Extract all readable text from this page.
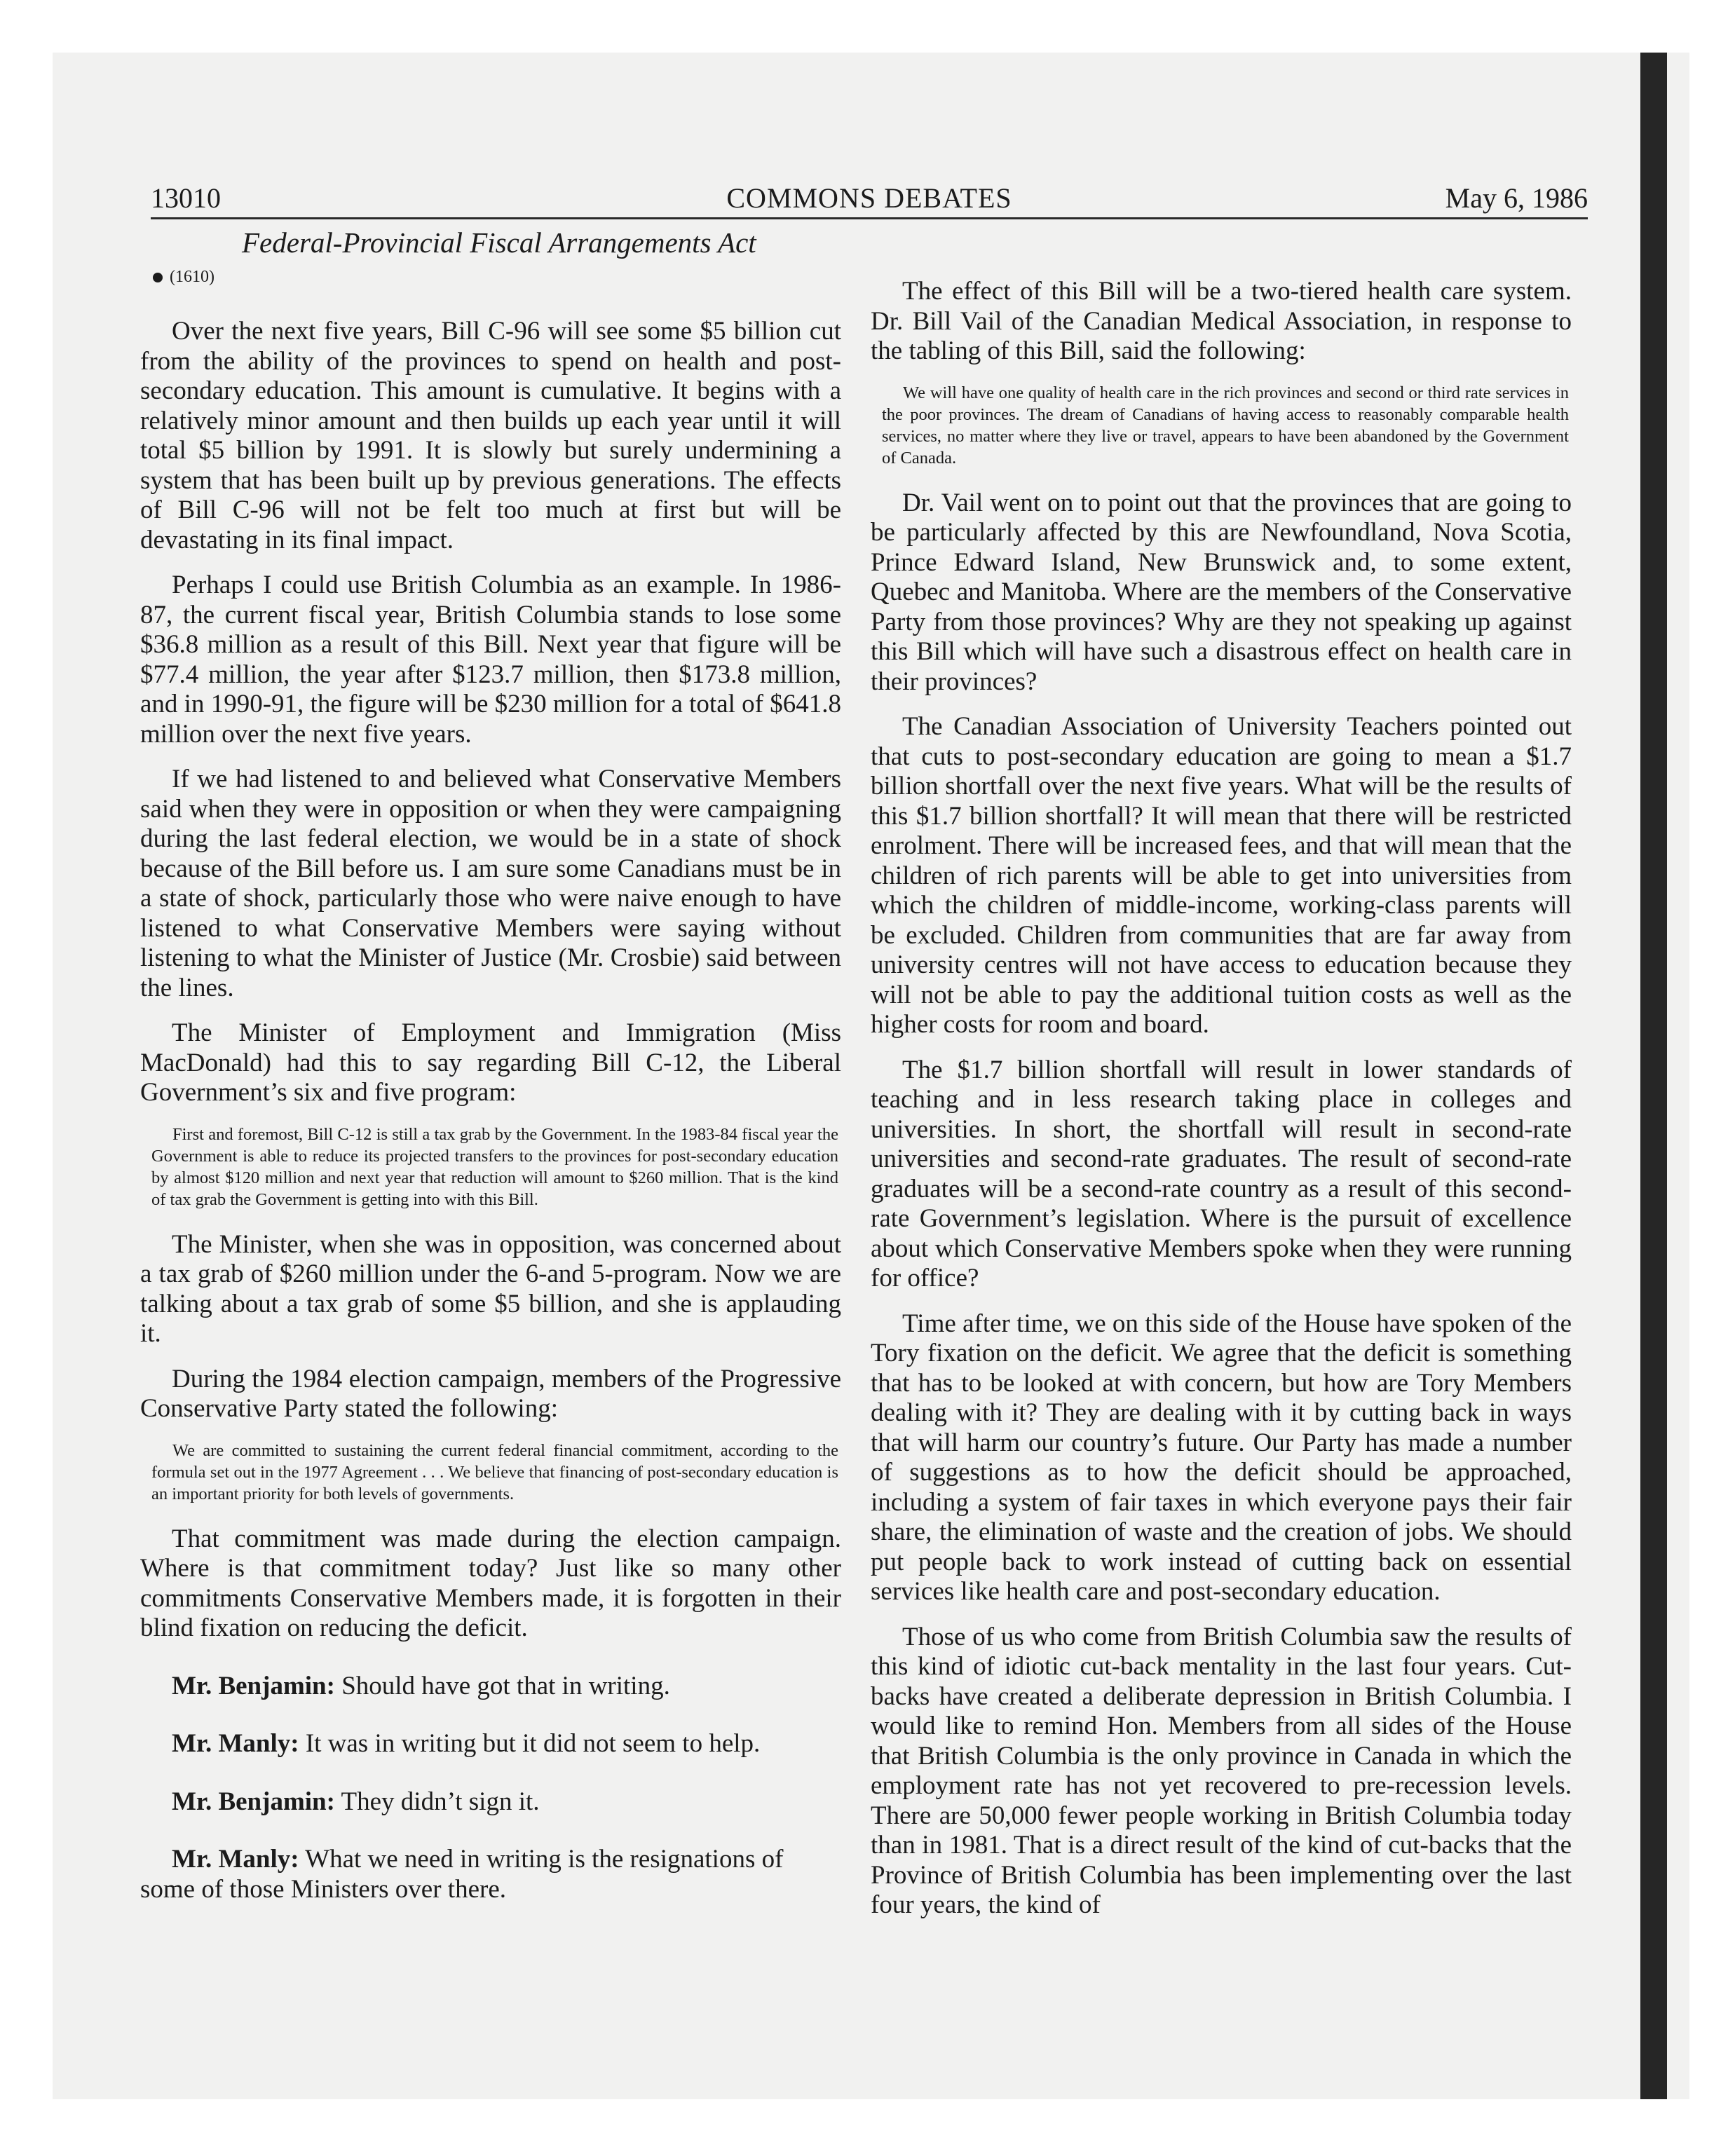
13010	COMMONS DEBATES	May 6, 1986
Federal-Provincial Fiscal Arrangements Act
(1610)

Over the next five years, Bill C-96 will see some $5 billion cut from the ability of the provinces to spend on health and post-secondary education. This amount is cumulative. It begins with a relatively minor amount and then builds up each year until it will total $5 billion by 1991. It is slowly but surely undermining a system that has been built up by previous generations. The effects of Bill C-96 will not be felt too much at first but will be devastating in its final impact.

Perhaps I could use British Columbia as an example. In 1986-87, the current fiscal year, British Columbia stands to lose some $36.8 million as a result of this Bill. Next year that figure will be $77.4 million, the year after $123.7 million, then $173.8 million, and in 1990-91, the figure will be $230 million for a total of $641.8 million over the next five years.

If we had listened to and believed what Conservative Members said when they were in opposition or when they were campaigning during the last federal election, we would be in a state of shock because of the Bill before us. I am sure some Canadians must be in a state of shock, particularly those who were naive enough to have listened to what Conservative Members were saying without listening to what the Minister of Justice (Mr. Crosbie) said between the lines.

The Minister of Employment and Immigration (Miss MacDonald) had this to say regarding Bill C-12, the Liberal Government’s six and five program:

First and foremost, Bill C-12 is still a tax grab by the Government. In the 1983-84 fiscal year the Government is able to reduce its projected transfers to the provinces for post-secondary education by almost $120 million and next year that reduction will amount to $260 million. That is the kind of tax grab the Government is getting into with this Bill.

The Minister, when she was in opposition, was concerned about a tax grab of $260 million under the 6-and 5-program. Now we are talking about a tax grab of some $5 billion, and she is applauding it.

During the 1984 election campaign, members of the Progressive Conservative Party stated the following:

We are committed to sustaining the current federal financial commitment, according to the formula set out in the 1977 Agreement . . . We believe that financing of post-secondary education is an important priority for both levels of governments.

That commitment was made during the election campaign. Where is that commitment today? Just like so many other commitments Conservative Members made, it is forgotten in their blind fixation on reducing the deficit.

Mr. Benjamin: Should have got that in writing.

Mr. Manly: It was in writing but it did not seem to help.

Mr. Benjamin: They didn’t sign it.

Mr. Manly: What we need in writing is the resignations of some of those Ministers over there.

The effect of this Bill will be a two-tiered health care system. Dr. Bill Vail of the Canadian Medical Association, in response to the tabling of this Bill, said the following:

We will have one quality of health care in the rich provinces and second or third rate services in the poor provinces. The dream of Canadians of having access to reasonably comparable health services, no matter where they live or travel, appears to have been abandoned by the Government of Canada.

Dr. Vail went on to point out that the provinces that are going to be particularly affected by this are Newfoundland, Nova Scotia, Prince Edward Island, New Brunswick and, to some extent, Quebec and Manitoba. Where are the members of the Conservative Party from those provinces? Why are they not speaking up against this Bill which will have such a disastrous effect on health care in their provinces?

The Canadian Association of University Teachers pointed out that cuts to post-secondary education are going to mean a $1.7 billion shortfall over the next five years. What will be the results of this $1.7 billion shortfall? It will mean that there will be restricted enrolment. There will be increased fees, and that will mean that the children of rich parents will be able to get into universities from which the children of middle-income, working-class parents will be excluded. Children from communities that are far away from university centres will not have access to education because they will not be able to pay the additional tuition costs as well as the higher costs for room and board.

The $1.7 billion shortfall will result in lower standards of teaching and in less research taking place in colleges and universities. In short, the shortfall will result in second-rate universities and second-rate graduates. The result of second-rate graduates will be a second-rate country as a result of this second-rate Government’s legislation. Where is the pursuit of excellence about which Conservative Members spoke when they were running for office?

Time after time, we on this side of the House have spoken of the Tory fixation on the deficit. We agree that the deficit is something that has to be looked at with concern, but how are Tory Members dealing with it? They are dealing with it by cutting back in ways that will harm our country’s future. Our Party has made a number of suggestions as to how the deficit should be approached, including a system of fair taxes in which everyone pays their fair share, the elimination of waste and the creation of jobs. We should put people back to work instead of cutting back on essential services like health care and post-secondary education.

Those of us who come from British Columbia saw the results of this kind of idiotic cut-back mentality in the last four years. Cut-backs have created a deliberate depression in British Columbia. I would like to remind Hon. Members from all sides of the House that British Columbia is the only province in Canada in which the employment rate has not yet recovered to pre-recession levels. There are 50,000 fewer people working in British Columbia today than in 1981. That is a direct result of the kind of cut-backs that the Province of British Columbia has been implementing over the last four years, the kind of
